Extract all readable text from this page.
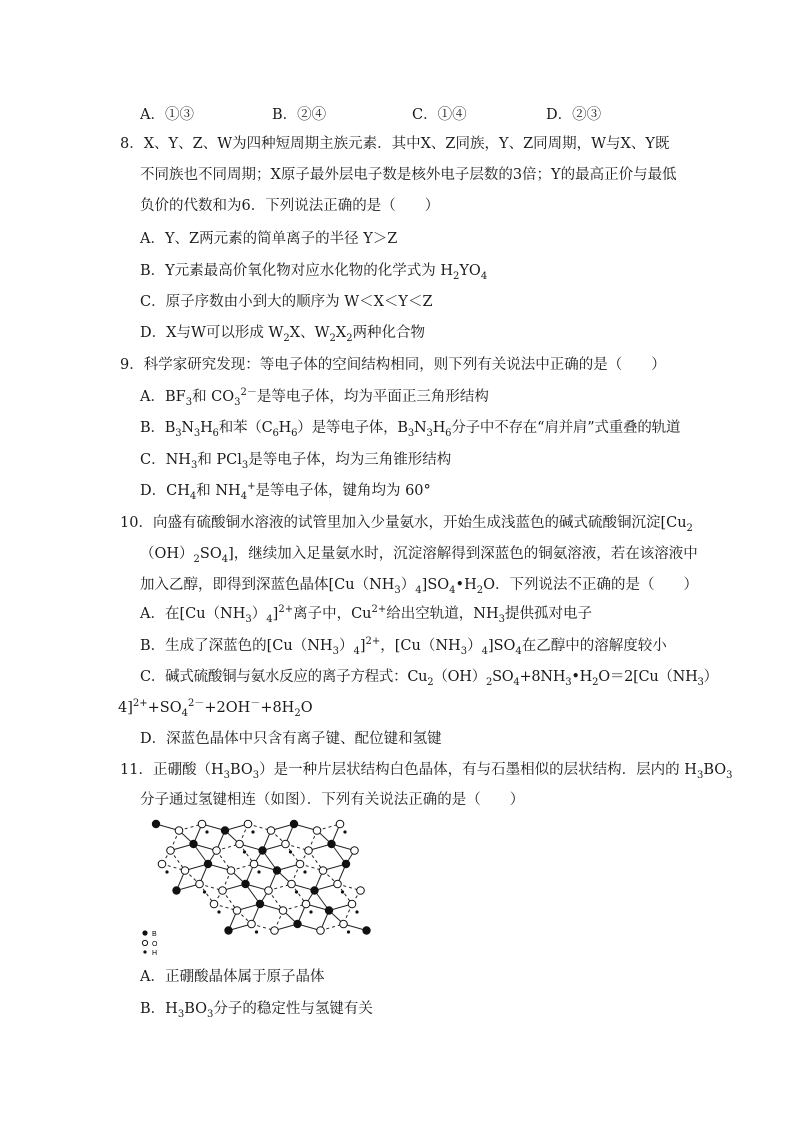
A．①③	B．②④	C．①④	D．②③
8．X、Y、Z、W为四种短周期主族元素．其中X、Z同族，Y、Z同周期，W与X、Y既
不同族也不同周期；X原子最外层电子数是核外电子层数的3倍；Y的最高正价与最低
负价的代数和为6．下列说法正确的是（　　）
A．Y、Z两元素的简单离子的半径 Y＞Z
B．Y元素最高价氧化物对应水化物的化学式为 $H_2YO_4$
C．原子序数由小到大的顺序为 W＜X＜Y＜Z
D．X与W可以形成 $W_2X$、$W_2X_2$两种化合物
9．科学家研究发现：等电子体的空间结构相同，则下列有关说法中正确的是（　　）
A．$BF_3$和 $CO_3^{2-}$是等电子体，均为平面正三角形结构
B．$B_3N_3H_6$和苯$(C_6H_6)$是等电子体，$B_3N_3H_6$分子中不存在“肩并肩”式重叠的轨道
C．$NH_3$和 PCl$_3$是等电子体，均为三角锥形结构
D．$CH_4$和 $NH_4^+$是等电子体，键角均为 60°
10．向盛有硫酸铜水溶液的试管里加入少量氨水，开始生成浅蓝色的碱式硫酸铜沉淀[$Cu_2$
$(OH)_2SO_4$]，继续加入足量氨水时，沉淀溶解得到深蓝色的铜氨溶液，若在该溶液中
加入乙醇，即得到深蓝色晶体$[Cu(NH_3)_4]SO_4•H_2O$．下列说法不正确的是（　　）
A．在$[Cu(NH_3)_4]^{2+}$离子中，$Cu^{2+}$给出空轨道，$NH_3$提供孤对电子
B．生成了深蓝色的$[Cu(NH_3)_4]^{2+}$，$[Cu(NH_3)_4]SO_4$在乙醇中的溶解度较小
C．碱式硫酸铜与氨水反应的离子方程式：$Cu_2(OH)_2SO_4+8NH_3•H_2O=2[Cu(NH_3)$
$4]^{2+}+SO_4^{2-}+2OH^-+8H_2O$
D．深蓝色晶体中只含有离子键、配位键和氢键
11．正硼酸$(H_3BO_3)$是一种片层状结构白色晶体，有与石墨相似的层状结构．层内的 $H_3BO_3$
分子通过氢键相连（如图）．下列有关说法正确的是（　　）
B
O
H
A．正硼酸晶体属于原子晶体
B．$H_3BO_3$分子的稳定性与氢键有关
